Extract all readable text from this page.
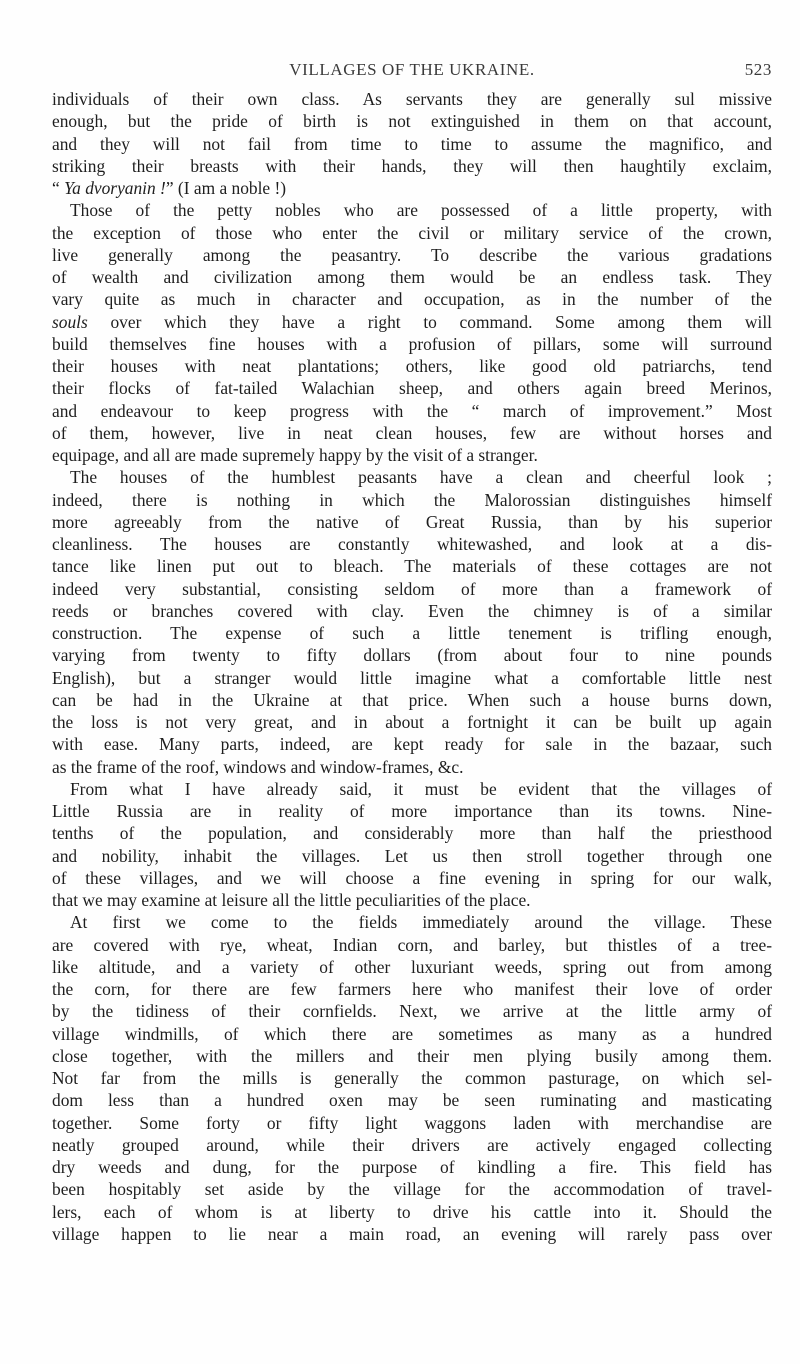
VILLAGES OF THE UKRAINE.	523
individuals of their own class. As servants they are generally sul missive
enough, but the pride of birth is not extinguished in them on that account,
and they will not fail from time to time to assume the magnifico, and
striking their breasts with their hands, they will then haughtily exclaim,
“ Ya dvoryanin !” (I am a noble !)
Those of the petty nobles who are possessed of a little property, with
the exception of those who enter the civil or military service of the crown,
live generally among the peasantry. To describe the various gradations
of wealth and civilization among them would be an endless task. They
vary quite as much in character and occupation, as in the number of the
souls over which they have a right to command. Some among them will
build themselves fine houses with a profusion of pillars, some will surround
their houses with neat plantations; others, like good old patriarchs, tend
their flocks of fat-tailed Walachian sheep, and others again breed Merinos,
and endeavour to keep progress with the “ march of improvement.” Most
of them, however, live in neat clean houses, few are without horses and
equipage, and all are made supremely happy by the visit of a stranger.
The houses of the humblest peasants have a clean and cheerful look ;
indeed, there is nothing in which the Malorossian distinguishes himself
more agreeably from the native of Great Russia, than by his superior
cleanliness. The houses are constantly whitewashed, and look at a dis-
tance like linen put out to bleach. The materials of these cottages are not
indeed very substantial, consisting seldom of more than a framework of
reeds or branches covered with clay. Even the chimney is of a similar
construction. The expense of such a little tenement is trifling enough,
varying from twenty to fifty dollars (from about four to nine pounds
English), but a stranger would little imagine what a comfortable little nest
can be had in the Ukraine at that price. When such a house burns down,
the loss is not very great, and in about a fortnight it can be built up again
with ease. Many parts, indeed, are kept ready for sale in the bazaar, such
as the frame of the roof, windows and window-frames, &c.
From what I have already said, it must be evident that the villages of
Little Russia are in reality of more importance than its towns. Nine-
tenths of the population, and considerably more than half the priesthood
and nobility, inhabit the villages. Let us then stroll together through one
of these villages, and we will choose a fine evening in spring for our walk,
that we may examine at leisure all the little peculiarities of the place.
At first we come to the fields immediately around the village. These
are covered with rye, wheat, Indian corn, and barley, but thistles of a tree-
like altitude, and a variety of other luxuriant weeds, spring out from among
the corn, for there are few farmers here who manifest their love of order
by the tidiness of their cornfields. Next, we arrive at the little army of
village windmills, of which there are sometimes as many as a hundred
close together, with the millers and their men plying busily among them.
Not far from the mills is generally the common pasturage, on which sel-
dom less than a hundred oxen may be seen ruminating and masticating
together. Some forty or fifty light waggons laden with merchandise are
neatly grouped around, while their drivers are actively engaged collecting
dry weeds and dung, for the purpose of kindling a fire. This field has
been hospitably set aside by the village for the accommodation of travel-
lers, each of whom is at liberty to drive his cattle into it. Should the
village happen to lie near a main road, an evening will rarely pass over
